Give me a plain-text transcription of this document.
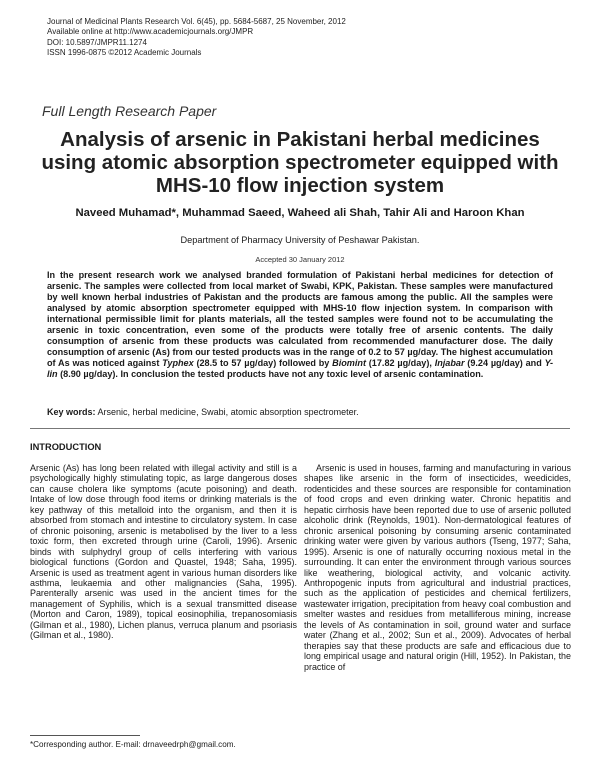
Journal of Medicinal Plants Research Vol. 6(45), pp. 5684-5687, 25 November, 2012
Available online at http://www.academicjournals.org/JMPR
DOI: 10.5897/JMPR11.1274
ISSN 1996-0875 ©2012 Academic Journals
Full Length Research Paper
Analysis of arsenic in Pakistani herbal medicines using atomic absorption spectrometer equipped with MHS-10 flow injection system
Naveed Muhamad*, Muhammad Saeed, Waheed ali Shah, Tahir Ali and Haroon Khan
Department of Pharmacy University of Peshawar Pakistan.
Accepted 30 January 2012
In the present research work we analysed branded formulation of Pakistani herbal medicines for detection of arsenic. The samples were collected from local market of Swabi, KPK, Pakistan. These samples were manufactured by well known herbal industries of Pakistan and the products are famous among the public. All the samples were analysed by atomic absorption spectrometer equipped with MHS-10 flow injection system. In comparison with international permissible limit for plants materials, all the tested samples were found not to be accumulating the arsenic in toxic concentration, even some of the products were totally free of arsenic contents. The daily consumption of arsenic from these products was calculated from recommended manufacturer dose. The daily consumption of arsenic (As) from our tested products was in the range of 0.2 to 57 µg/day. The highest accumulation of As was noticed against Typhex (28.5 to 57 µg/day) followed by Biomint (17.82 µg/day), Injabar (9.24 µg/day) and Y-lin (8.90 µg/day). In conclusion the tested products have not any toxic level of arsenic contamination.
Key words: Arsenic, herbal medicine, Swabi, atomic absorption spectrometer.
INTRODUCTION

Arsenic (As) has long been related with illegal activity and still is a psychologically highly stimulating topic, as large dangerous doses can cause cholera like symptoms (acute poisoning) and death. Intake of low dose through food items or drinking materials is the key pathway of this metalloid into the organism, and then it is absorbed from stomach and intestine to circulatory system. In case of chronic poisoning, arsenic is metabolised by the liver to a less toxic form, then excreted through urine (Caroli, 1996). Arsenic binds with sulphydryl group of cells interfering with various biological functions (Gordon and Quastel, 1948; Saha, 1995). Arsenic is used as treatment agent in various human disorders like asthma, leukaemia and other malignancies (Saha, 1995). Parenterally arsenic was used in the ancient times for the management of Syphilis, which is a sexual transmitted disease (Morton and Caron, 1989), topical eosinophilia, trepanosomiasis (Gilman et al., 1980), Lichen planus, verruca planum and psoriasis (Gilman et al., 1980).

Arsenic is used in houses, farming and manufacturing in various shapes like arsenic in the form of insecticides, weedicides, rodenticides and these sources are responsible for contamination of food crops and even drinking water. Chronic hepatitis and hepatic cirrhosis have been reported due to use of arsenic polluted alcoholic drink (Reynolds, 1901). Non-dermatological features of chronic arsenical poisoning by consuming arsenic contaminated drinking water were given by various authors (Tseng, 1977; Saha, 1995). Arsenic is one of naturally occurring noxious metal in the surrounding. It can enter the environment through various sources like weathering, biological activity, and volcanic activity. Anthropogenic inputs from agricultural and industrial practices, such as the application of pesticides and chemical fertilizers, wastewater irrigation, precipitation from heavy coal combustion and smelter wastes and residues from metalliferous mining, increase the levels of As contamination in soil, ground water and surface water (Zhang et al., 2002; Sun et al., 2009). Advocates of herbal therapies say that these products are safe and efficacious due to long empirical usage and natural origin (Hill, 1952). In Pakistan, the practice of

*Corresponding author. E-mail: drnaveedrph@gmail.com.
